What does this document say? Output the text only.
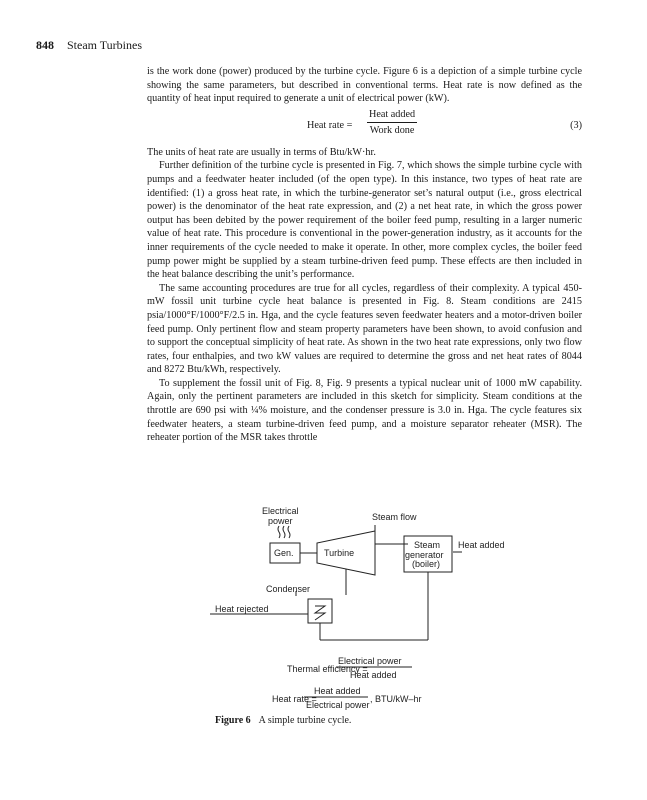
848 Steam Turbines

is the work done (power) produced by the turbine cycle. Figure 6 is a depiction of a simple turbine cycle showing the same parameters, but described in conventional terms. Heat rate is now defined as the quantity of heat input required to generate a unit of electrical power (kW).

Heat rate =
Heat added
Work done
(3)

The units of heat rate are usually in terms of Btu/kW·hr.

Further definition of the turbine cycle is presented in Fig. 7, which shows the simple turbine cycle with pumps and a feedwater heater included (of the open type). In this instance, two types of heat rate are identified: (1) a gross heat rate, in which the turbine-generator set’s natural output (i.e., gross electrical power) is the denominator of the heat rate expression, and (2) a net heat rate, in which the gross power output has been debited by the power requirement of the boiler feed pump, resulting in a larger numeric value of heat rate. This procedure is conventional in the power-generation industry, as it accounts for the inner requirements of the cycle needed to make it operate. In other, more complex cycles, the boiler feed pump power might be supplied by a steam turbine-driven feed pump. These effects are then included in the heat balance describing the unit’s performance.

The same accounting procedures are true for all cycles, regardless of their complexity. A typical 450-mW fossil unit turbine cycle heat balance is presented in Fig. 8. Steam conditions are 2415 psia/1000°F/1000°F/2.5 in. Hga, and the cycle features seven feedwater heaters and a motor-driven boiler feed pump. Only pertinent flow and steam property parameters have been shown, to avoid confusion and to support the conceptual simplicity of heat rate. As shown in the two heat rate expressions, only two flow rates, four enthalpies, and two kW values are required to determine the gross and net heat rates of 8044 and 8272 Btu/kWh, respectively.

To supplement the fossil unit of Fig. 8, Fig. 9 presents a typical nuclear unit of 1000 mW capability. Again, only the pertinent parameters are included in this sketch for simplicity. Steam conditions at the throttle are 690 psi with ¼% moisture, and the condenser pressure is 3.0 in. Hga. The cycle features six feedwater heaters, a steam turbine-driven feed pump, and a moisture separator reheater (MSR). The reheater portion of the MSR takes throttle

Electrical
power	Steam flow
Gen.	Turbine
Steam
generator
(boiler)
Heat added
Condenser
Heat rejected
Thermal efficiency =
Electrical power
Heat added
Heat rate =
Heat added
Electrical power
, BTU/kW–hr
Figure 6 A simple turbine cycle.
